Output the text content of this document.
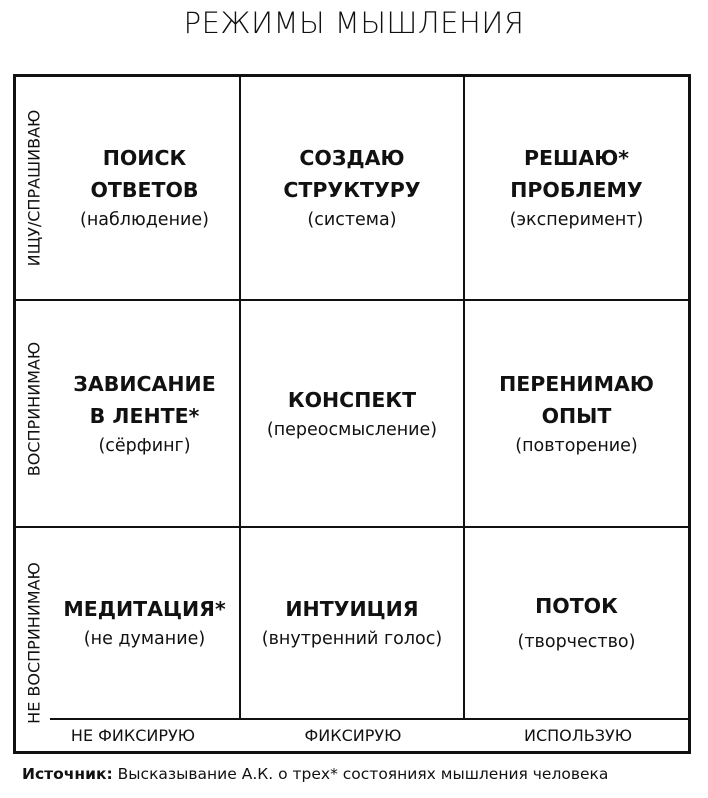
РЕЖИМЫ МЫШЛЕНИЯ
ИЩУ/СПРАШИВАЮ
ВОСПРИНИМАЮ
НЕ ВОСПРИНИМАЮ
ПОИСК
ОТВЕТОВ
(наблюдение)
СОЗДАЮ
СТРУКТУРУ
(система)
РЕШАЮ*
ПРОБЛЕМУ
(эксперимент)
ЗАВИСАНИЕ
В ЛЕНТЕ*
(сёрфинг)
КОНСПЕКТ
(переосмысление)
ПЕРЕНИМАЮ
ОПЫТ
(повторение)
МЕДИТАЦИЯ*
(не думание)
ИНТУИЦИЯ
(внутренний голос)
ПОТОК
(творчество)
НЕ ФИКСИРУЮ	ФИКСИРУЮ	ИСПОЛЬЗУЮ
Источник: Высказывание А.К. о трех* состояниях мышления человека
